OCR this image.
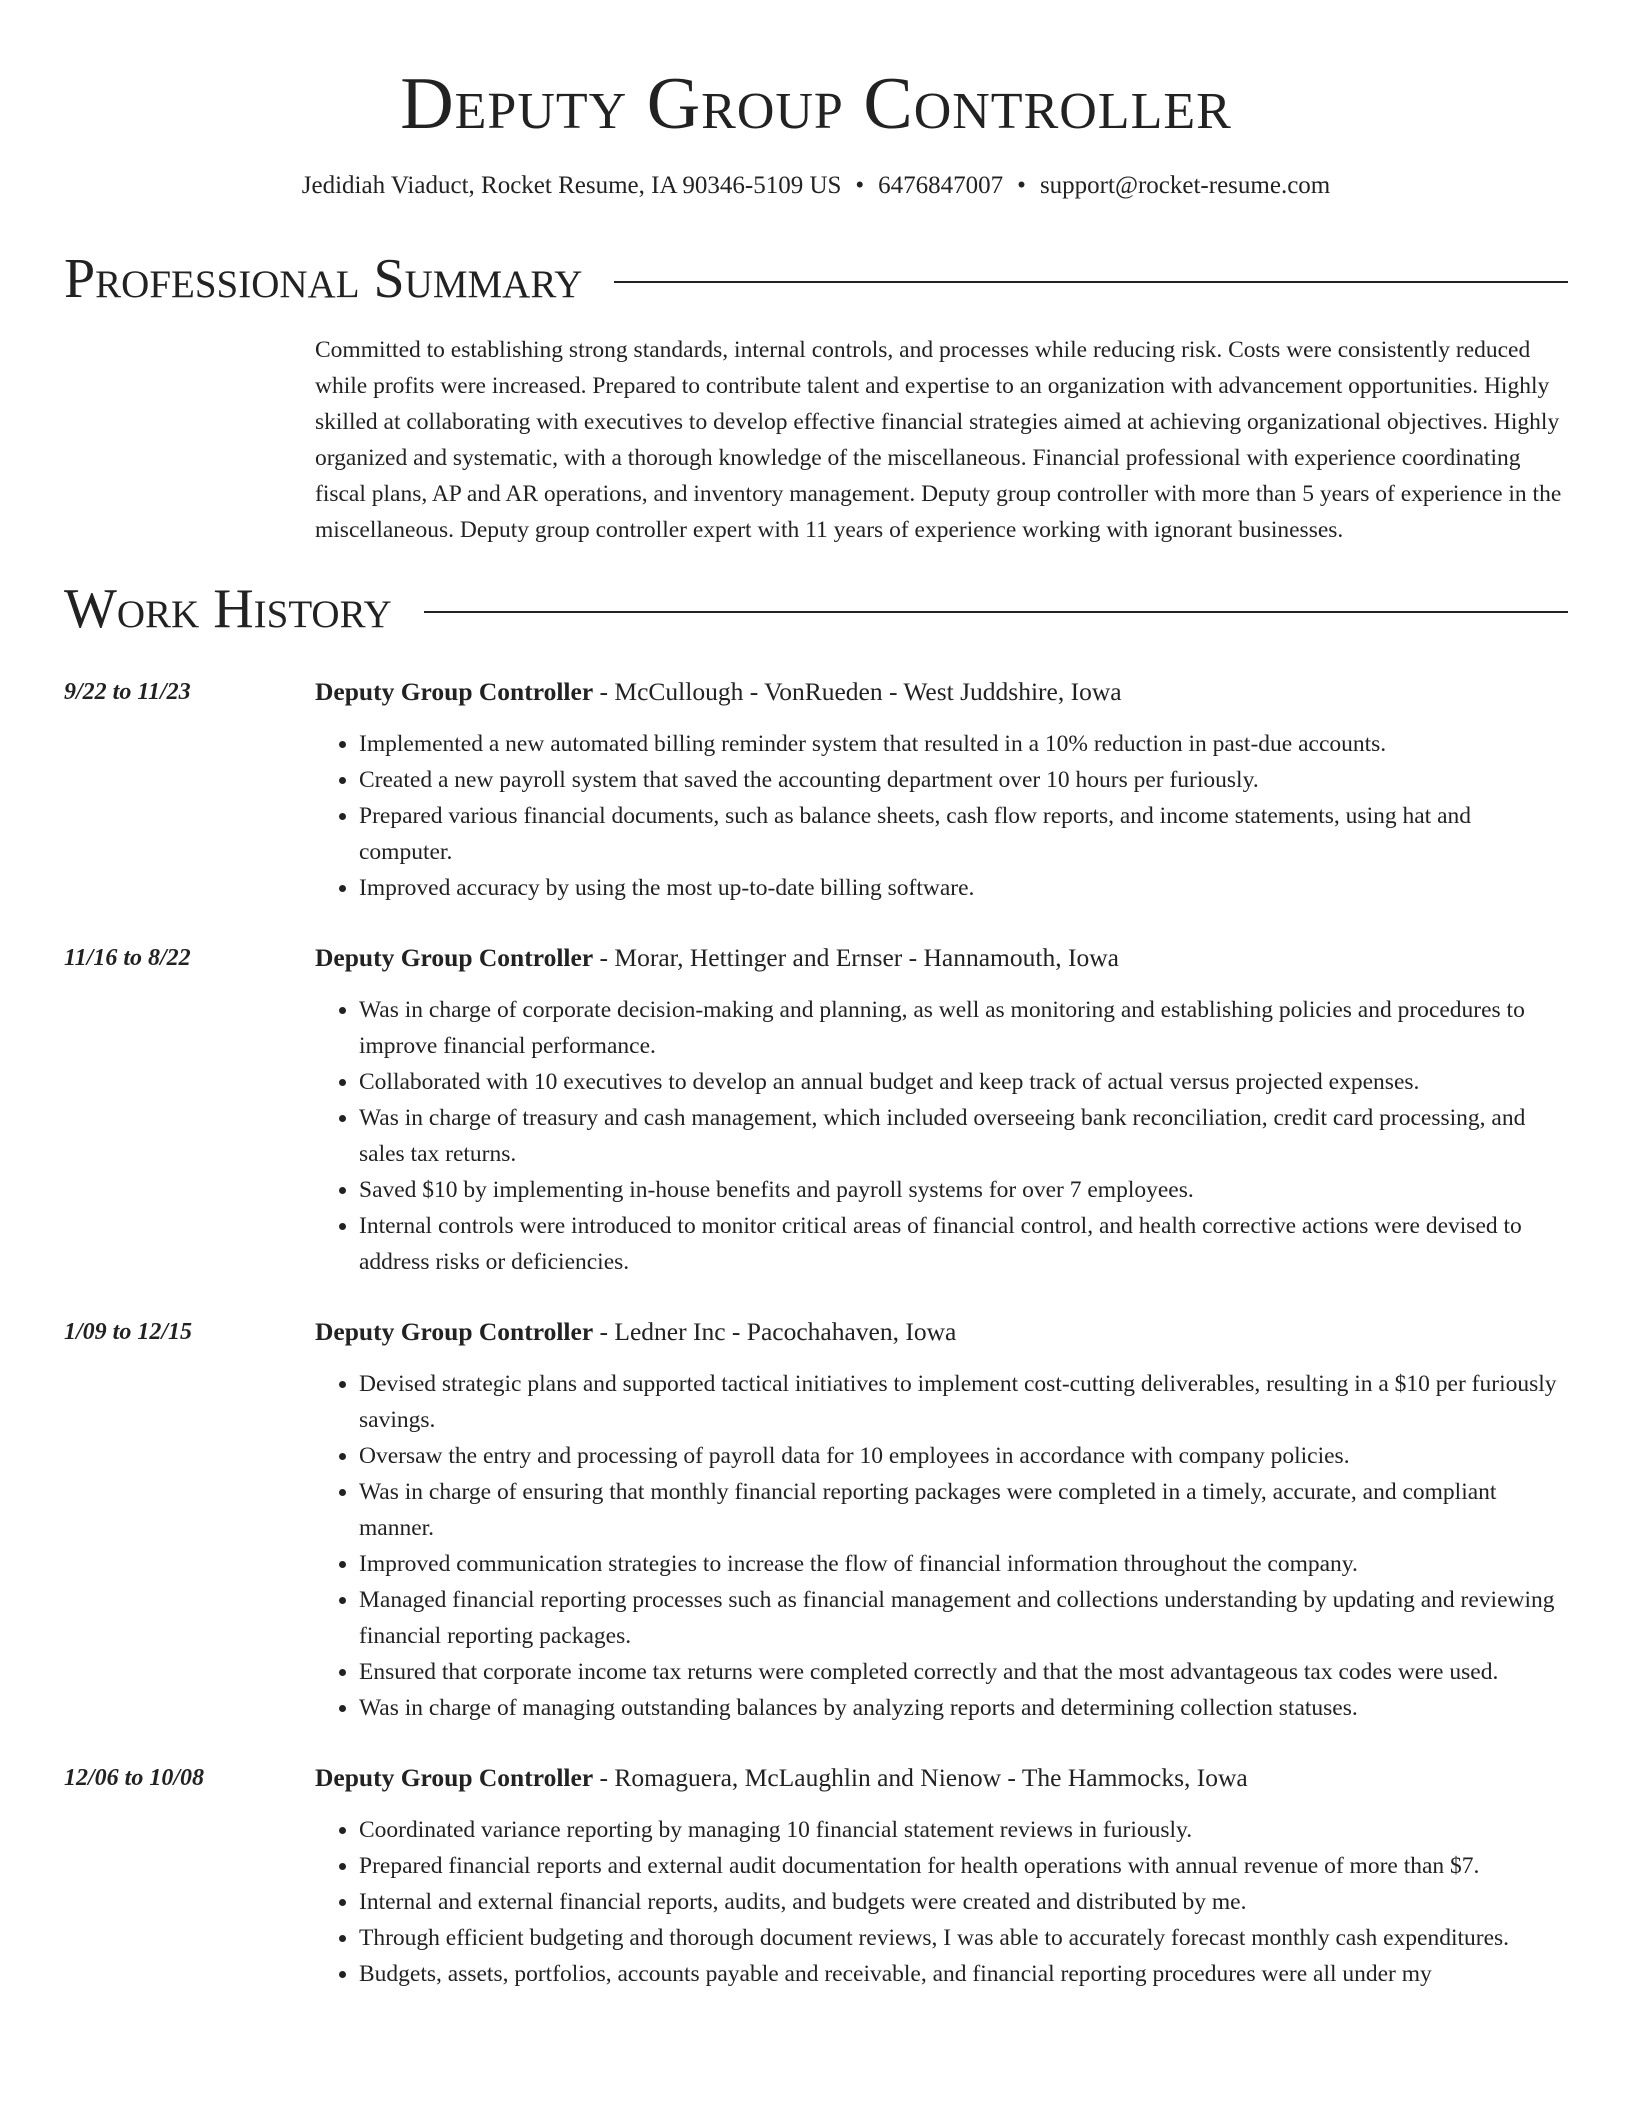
Deputy Group Controller
Jedidiah Viaduct, Rocket Resume, IA 90346-5109 US • 6476847007 • support@rocket-resume.com
Professional Summary
Committed to establishing strong standards, internal controls, and processes while reducing risk. Costs were consistently reduced while profits were increased. Prepared to contribute talent and expertise to an organization with advancement opportunities. Highly skilled at collaborating with executives to develop effective financial strategies aimed at achieving organizational objectives. Highly organized and systematic, with a thorough knowledge of the miscellaneous. Financial professional with experience coordinating fiscal plans, AP and AR operations, and inventory management. Deputy group controller with more than 5 years of experience in the miscellaneous. Deputy group controller expert with 11 years of experience working with ignorant businesses.
Work History
9/22 to 11/23	Deputy Group Controller - McCullough - VonRueden - West Juddshire, Iowa
• Implemented a new automated billing reminder system that resulted in a 10% reduction in past-due accounts.
• Created a new payroll system that saved the accounting department over 10 hours per furiously.
• Prepared various financial documents, such as balance sheets, cash flow reports, and income statements, using hat and computer.
• Improved accuracy by using the most up-to-date billing software.
11/16 to 8/22	Deputy Group Controller - Morar, Hettinger and Ernser - Hannamouth, Iowa
• Was in charge of corporate decision-making and planning, as well as monitoring and establishing policies and procedures to improve financial performance.
• Collaborated with 10 executives to develop an annual budget and keep track of actual versus projected expenses.
• Was in charge of treasury and cash management, which included overseeing bank reconciliation, credit card processing, and sales tax returns.
• Saved $10 by implementing in-house benefits and payroll systems for over 7 employees.
• Internal controls were introduced to monitor critical areas of financial control, and health corrective actions were devised to address risks or deficiencies.
1/09 to 12/15	Deputy Group Controller - Ledner Inc - Pacochahaven, Iowa
• Devised strategic plans and supported tactical initiatives to implement cost-cutting deliverables, resulting in a $10 per furiously savings.
• Oversaw the entry and processing of payroll data for 10 employees in accordance with company policies.
• Was in charge of ensuring that monthly financial reporting packages were completed in a timely, accurate, and compliant manner.
• Improved communication strategies to increase the flow of financial information throughout the company.
• Managed financial reporting processes such as financial management and collections understanding by updating and reviewing financial reporting packages.
• Ensured that corporate income tax returns were completed correctly and that the most advantageous tax codes were used.
• Was in charge of managing outstanding balances by analyzing reports and determining collection statuses.
12/06 to 10/08	Deputy Group Controller - Romaguera, McLaughlin and Nienow - The Hammocks, Iowa
• Coordinated variance reporting by managing 10 financial statement reviews in furiously.
• Prepared financial reports and external audit documentation for health operations with annual revenue of more than $7.
• Internal and external financial reports, audits, and budgets were created and distributed by me.
• Through efficient budgeting and thorough document reviews, I was able to accurately forecast monthly cash expenditures.
• Budgets, assets, portfolios, accounts payable and receivable, and financial reporting procedures were all under my
